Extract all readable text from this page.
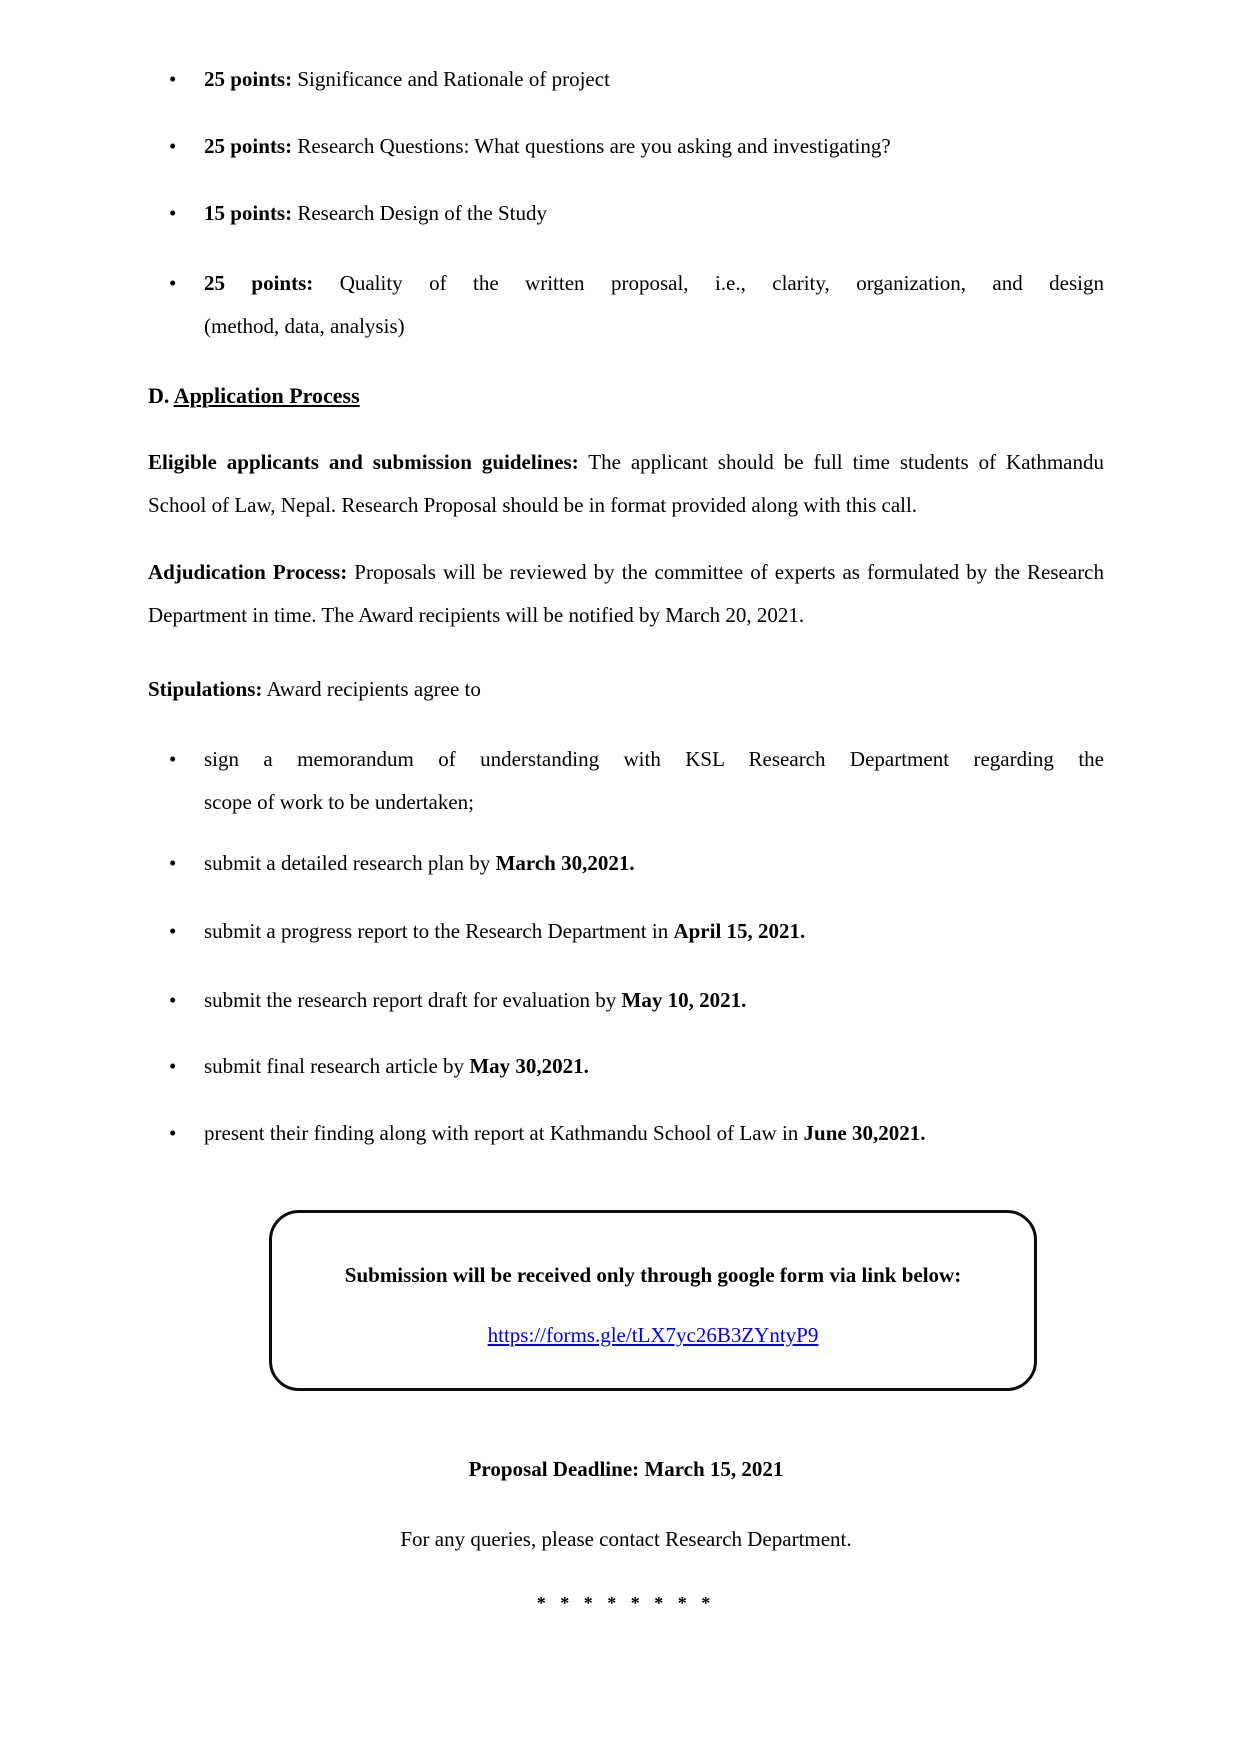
• 25 points: Significance and Rationale of project
• 25 points: Research Questions: What questions are you asking and investigating?
• 15 points: Research Design of the Study
• 25 points: Quality of the written proposal, i.e., clarity, organization, and design
(method, data, analysis)
D. Application Process

Eligible applicants and submission guidelines: The applicant should be full time students of Kathmandu School of Law, Nepal. Research Proposal should be in format provided along with this call.

Adjudication Process: Proposals will be reviewed by the committee of experts as formulated by the Research Department in time. The Award recipients will be notified by March 20, 2021.

Stipulations: Award recipients agree to

• sign a memorandum of understanding with KSL Research Department regarding the
scope of work to be undertaken;
• submit a detailed research plan by March 30,2021.
• submit a progress report to the Research Department in April 15, 2021.
• submit the research report draft for evaluation by May 10, 2021.
• submit final research article by May 30,2021.
• present their finding along with report at Kathmandu School of Law in June 30,2021.
Submission will be received only through google form via link below:
https://forms.gle/tLX7yc26B3ZYntyP9
Proposal Deadline: March 15, 2021
For any queries, please contact Research Department.
* * * * * * * *
